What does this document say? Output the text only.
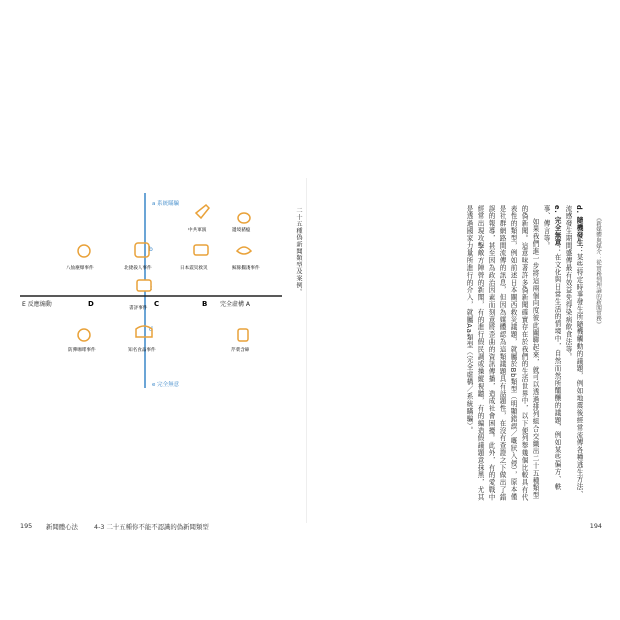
a 系統瞞騙
e 完全無意
E 反應煽動	完全虛構 A
D	C	B
b
d
八仙塵爆事件	北捷殺人事件
中共軍演
日本震災救災
邊境豬瘟
鯨豚擱淺事件
書評事件
防彈咖啡事件	知名食品事件	芹菜含砷
二十五種偽新聞類型及案例。
195 新聞體心法	4-3 二十五種你不能不認識的偽新聞類型
《新媒體與媒介：從實務到理論的新聞實務》
d. 隨機發生：某些特定時事發生所隨機觸動的議題，例如地震後經常流傳各種逃生方法、流感發生期間盛傳最有效益免得染病飲食法等。
e. 完全無意：在文化與日常生活的情境中，自然而然所醞釀的議題，例如某些偏方、軼事、傳言等。
如果我們進一步將這兩個向度彼此關聯起來，就可以透過排列組合交織出二十五種類型的偽新聞。這意味著許多偽新聞確實存在於我們的生活世界中，以下便列舉幾個比較具有代表性的類型，例如前述日本關西救災議題，就屬於Bb類型（明顯錯誤／嘅狀入侵），原本僅是社群網路間流傳的訊息，但因為媒體認為這類議題具有話題性，在沒有查證之下做出了錯誤的報導，甚至因為政治因素而刻意將歪曲的資訊傳播，造成社會困擾。此外，有的愛戰中經常出現攻擊敵方陣營的新聞，有的進行假民調或操縱視聽，有的編造假議題意抹黑，尤其是透過國家力量所進行的介入，就屬Aa類型（完全虛構／系統瞞騙）。
194
